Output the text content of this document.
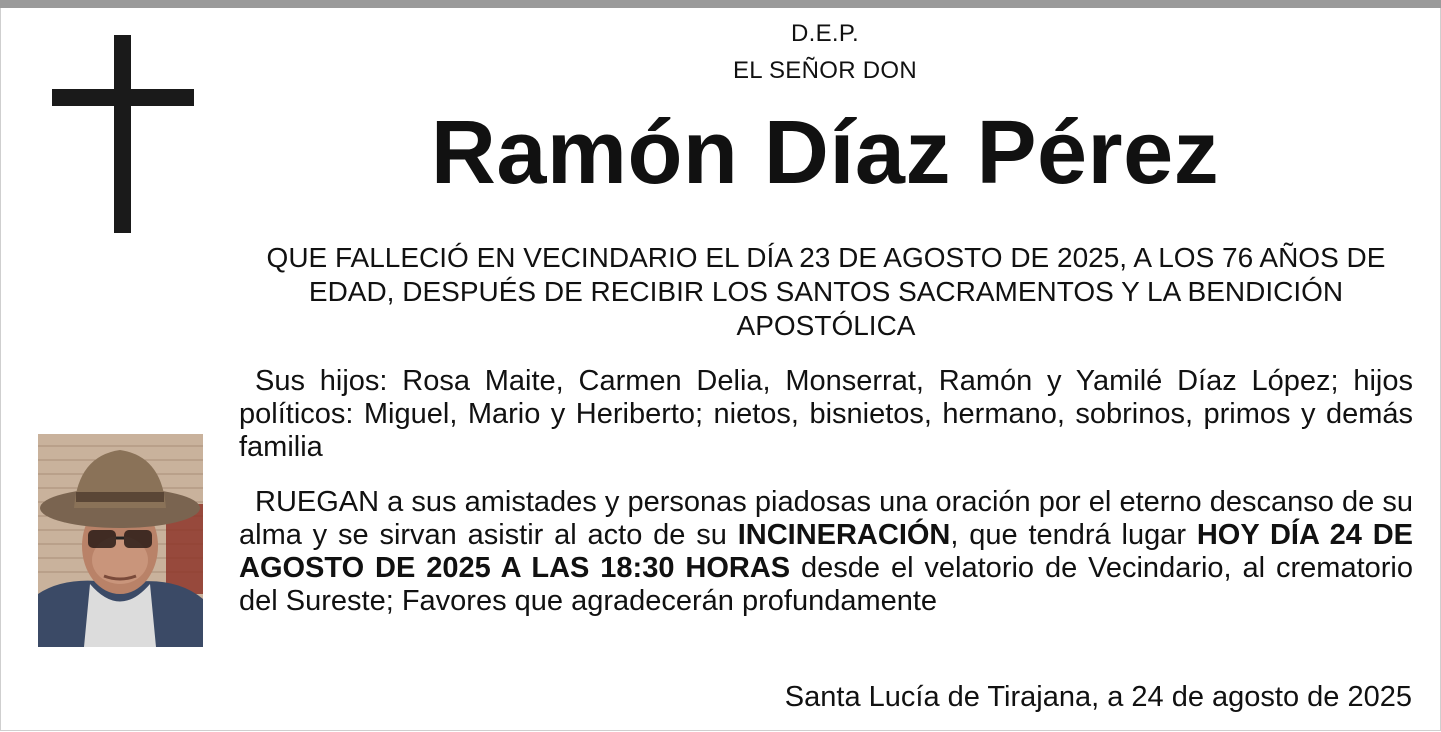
D.E.P.
EL SEÑOR DON
Ramón Díaz Pérez
QUE FALLECIÓ EN VECINDARIO EL DÍA 23 DE AGOSTO DE 2025, A LOS 76 AÑOS DE EDAD, DESPUÉS DE RECIBIR LOS SANTOS SACRAMENTOS Y LA BENDICIÓN APOSTÓLICA
Sus hijos: Rosa Maite, Carmen Delia, Monserrat, Ramón y Yamilé Díaz López; hijos políticos: Miguel, Mario y Heriberto; nietos, bisnietos, hermano, sobrinos, primos y demás familia
RUEGAN a sus amistades y personas piadosas una oración por el eterno descanso de su alma y se sirvan asistir al acto de su INCINERACIÓN, que tendrá lugar HOY DÍA 24 DE AGOSTO DE 2025 A LAS 18:30 HORAS desde el velatorio de Vecindario, al crematorio del Sureste; Favores que agradecerán profundamente
Santa Lucía de Tirajana, a 24 de agosto de 2025
